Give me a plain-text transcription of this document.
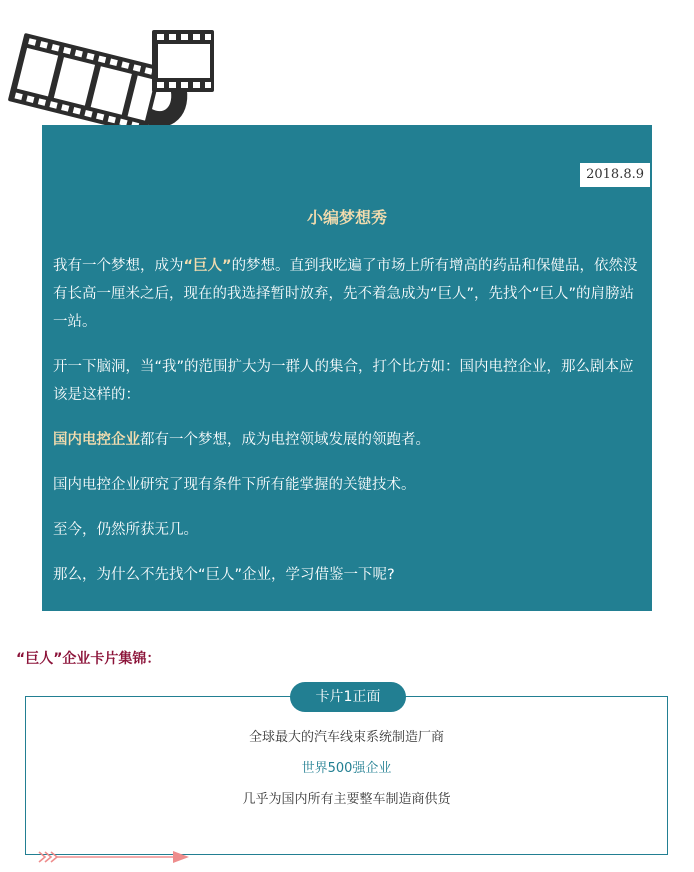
2018.8.9
小编梦想秀

我有一个梦想，成为“巨人”的梦想。直到我吃遍了市场上所有增高的药品和保健品，依然没有长高一厘米之后，现在的我选择暂时放弃，先不着急成为“巨人”，先找个“巨人”的肩膀站一站。

开一下脑洞，当“我”的范围扩大为一群人的集合，打个比方如：国内电控企业，那么剧本应该是这样的：

国内电控企业都有一个梦想，成为电控领域发展的领跑者。

国内电控企业研究了现有条件下所有能掌握的关键技术。

至今，仍然所获无几。

那么，为什么不先找个“巨人”企业，学习借鉴一下呢?

“巨人”企业卡片集锦：
全球最大的汽车线束系统制造厂商
世界500强企业
几乎为国内所有主要整车制造商供货
卡片1正面
